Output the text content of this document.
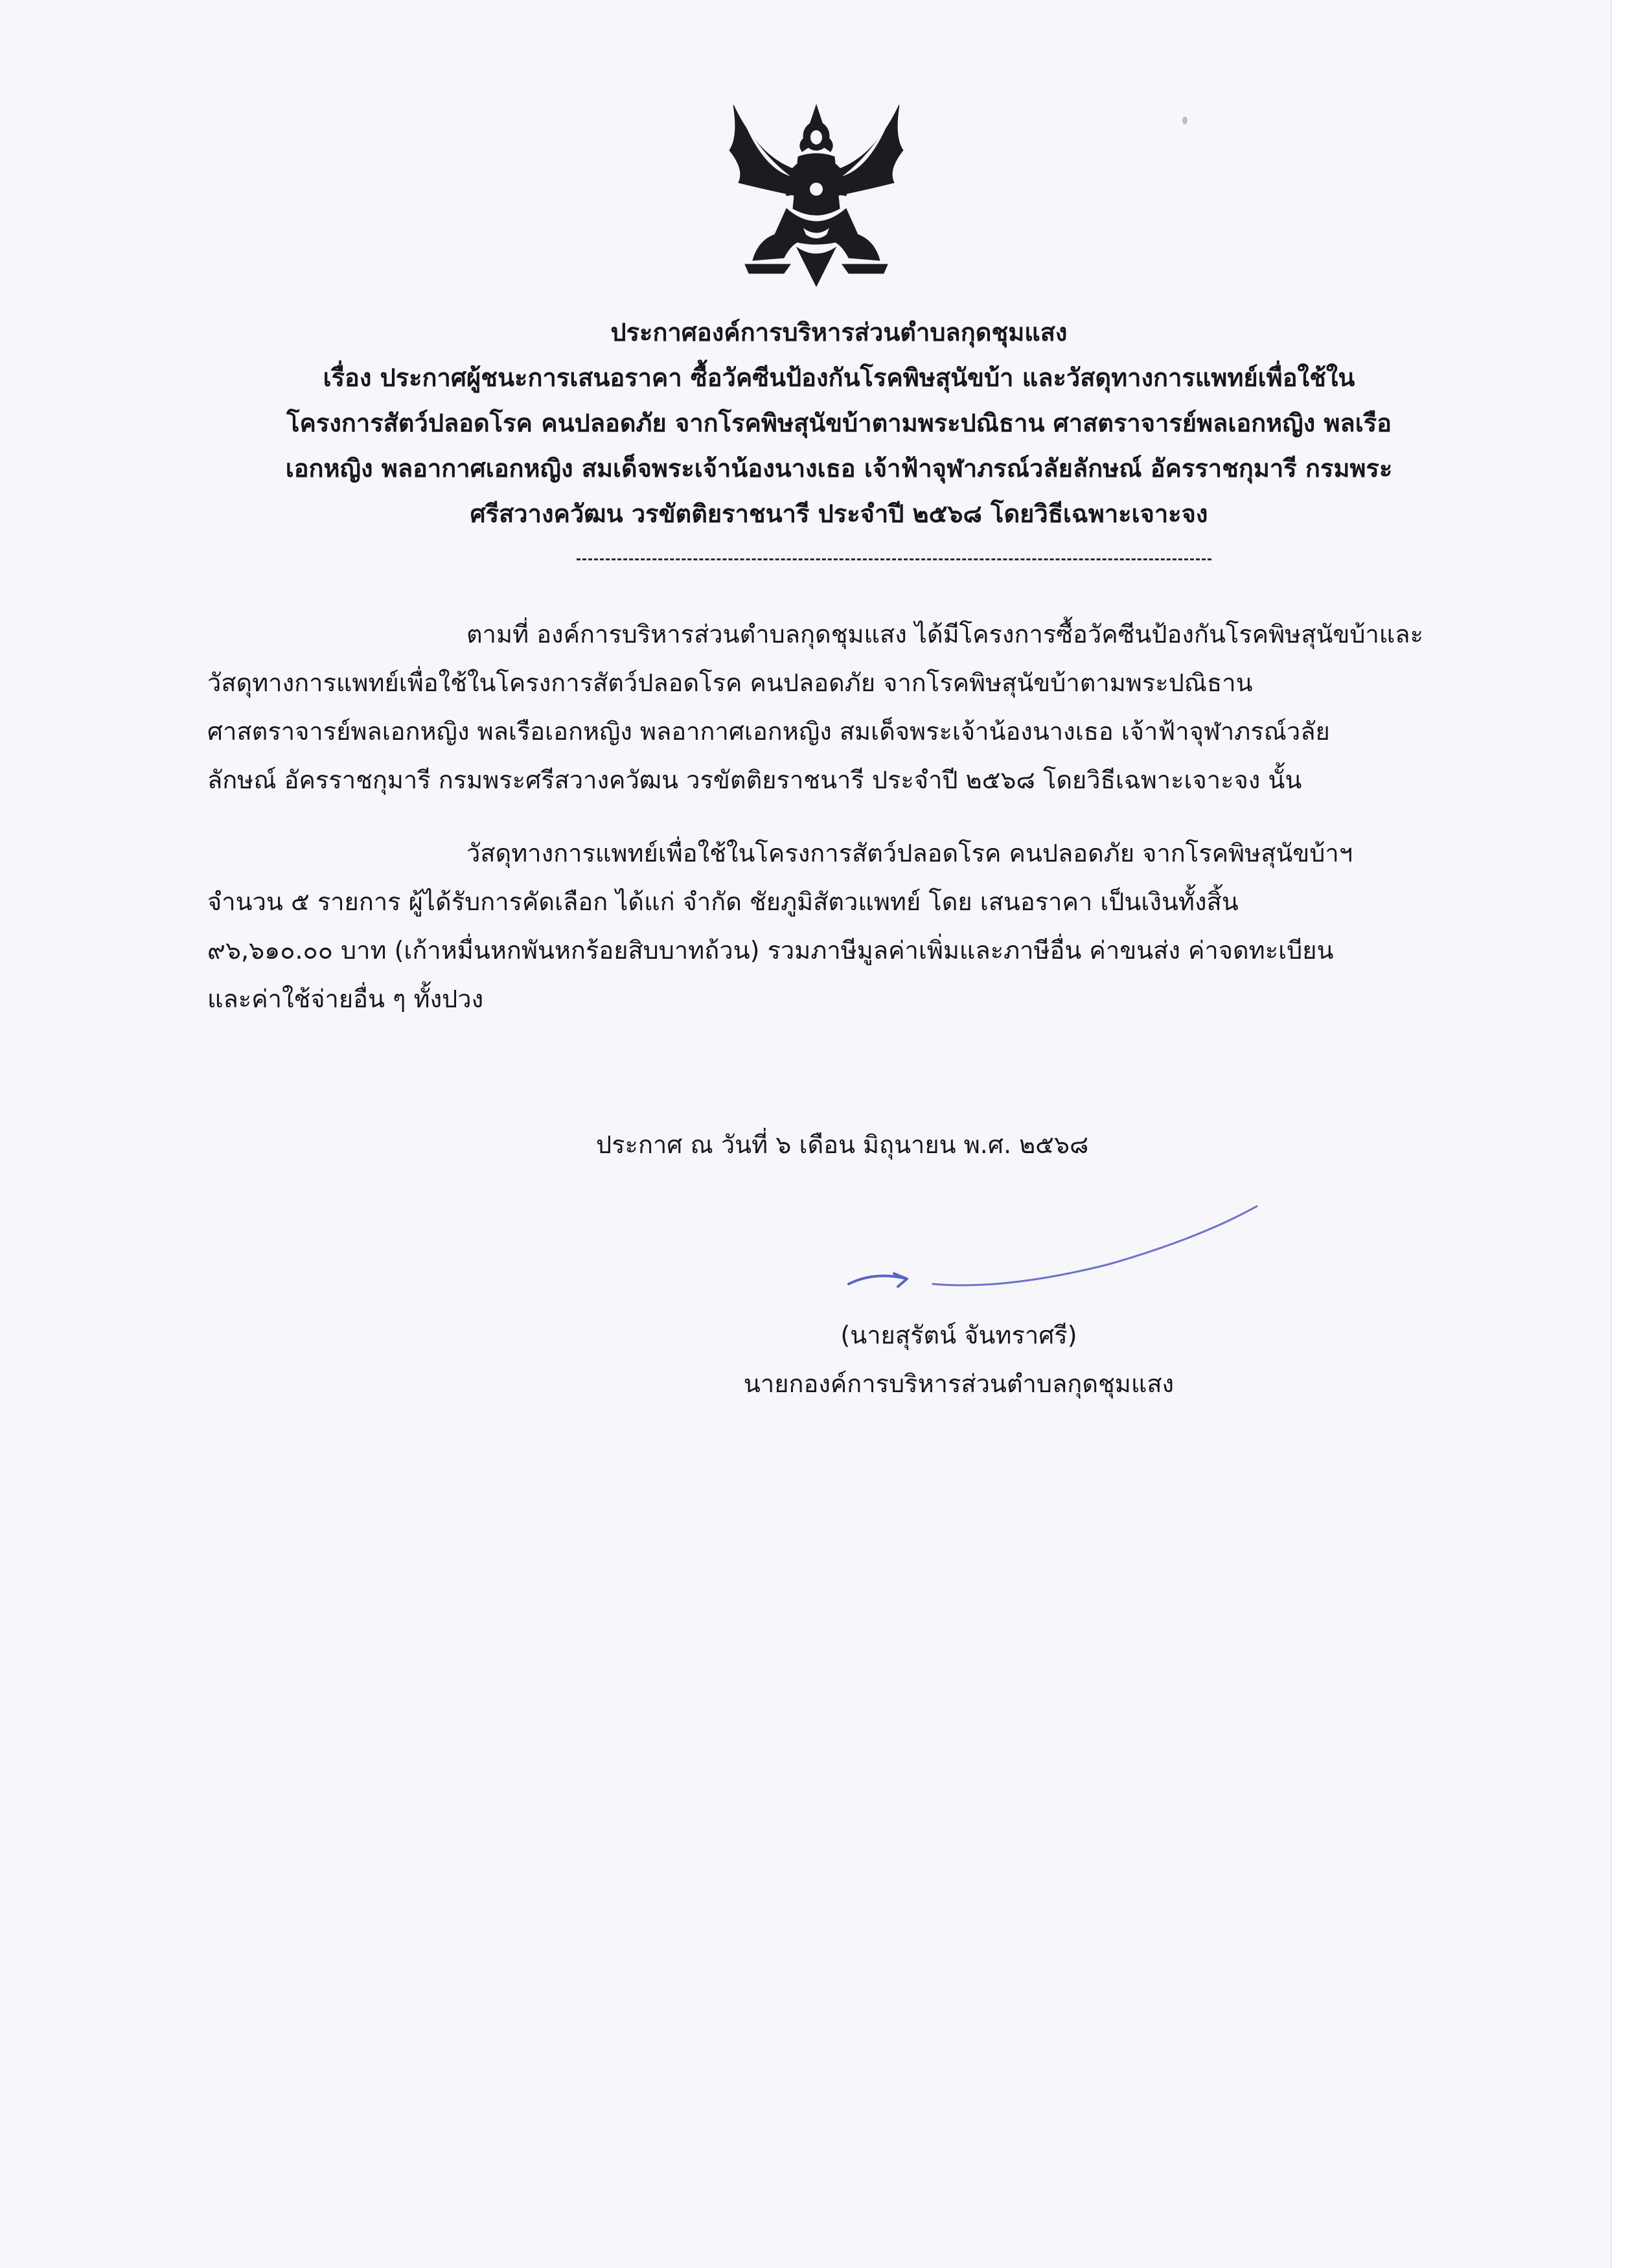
ประกาศองค์การบริหารส่วนตำบลกุดชุมแสง
เรื่อง ประกาศผู้ชนะการเสนอราคา ซื้อวัคซีนป้องกันโรคพิษสุนัขบ้า และวัสดุทางการแพทย์เพื่อใช้ใน
โครงการสัตว์ปลอดโรค คนปลอดภัย จากโรคพิษสุนัขบ้าตามพระปณิธาน ศาสตราจารย์พลเอกหญิง พลเรือ
เอกหญิง พลอากาศเอกหญิง สมเด็จพระเจ้าน้องนางเธอ เจ้าฟ้าจุฬาภรณ์วลัยลักษณ์ อัครราชกุมารี กรมพระ
ศรีสวางควัฒน วรขัตติยราชนารี ประจำปี ๒๕๖๘ โดยวิธีเฉพาะเจาะจง
ตามที่ องค์การบริหารส่วนตำบลกุดชุมแสง ได้มีโครงการซื้อวัคซีนป้องกันโรคพิษสุนัขบ้าและ
วัสดุทางการแพทย์เพื่อใช้ในโครงการสัตว์ปลอดโรค คนปลอดภัย จากโรคพิษสุนัขบ้าตามพระปณิธาน
ศาสตราจารย์พลเอกหญิง พลเรือเอกหญิง พลอากาศเอกหญิง สมเด็จพระเจ้าน้องนางเธอ เจ้าฟ้าจุฬาภรณ์วลัย
ลักษณ์ อัครราชกุมารี กรมพระศรีสวางควัฒน วรขัตติยราชนารี ประจำปี ๒๕๖๘ โดยวิธีเฉพาะเจาะจง นั้น
วัสดุทางการแพทย์เพื่อใช้ในโครงการสัตว์ปลอดโรค คนปลอดภัย จากโรคพิษสุนัขบ้าฯ
จำนวน ๕ รายการ ผู้ได้รับการคัดเลือก ได้แก่ จำกัด ชัยภูมิสัตวแพทย์ โดย เสนอราคา เป็นเงินทั้งสิ้น
๙๖,๖๑๐.๐๐ บาท (เก้าหมื่นหกพันหกร้อยสิบบาทถ้วน) รวมภาษีมูลค่าเพิ่มและภาษีอื่น ค่าขนส่ง ค่าจดทะเบียน
และค่าใช้จ่ายอื่น ๆ ทั้งปวง
ประกาศ ณ วันที่ ๖ เดือน มิถุนายน พ.ศ. ๒๕๖๘
(นายสุรัตน์ จันทราศรี)
นายกองค์การบริหารส่วนตำบลกุดชุมแสง
